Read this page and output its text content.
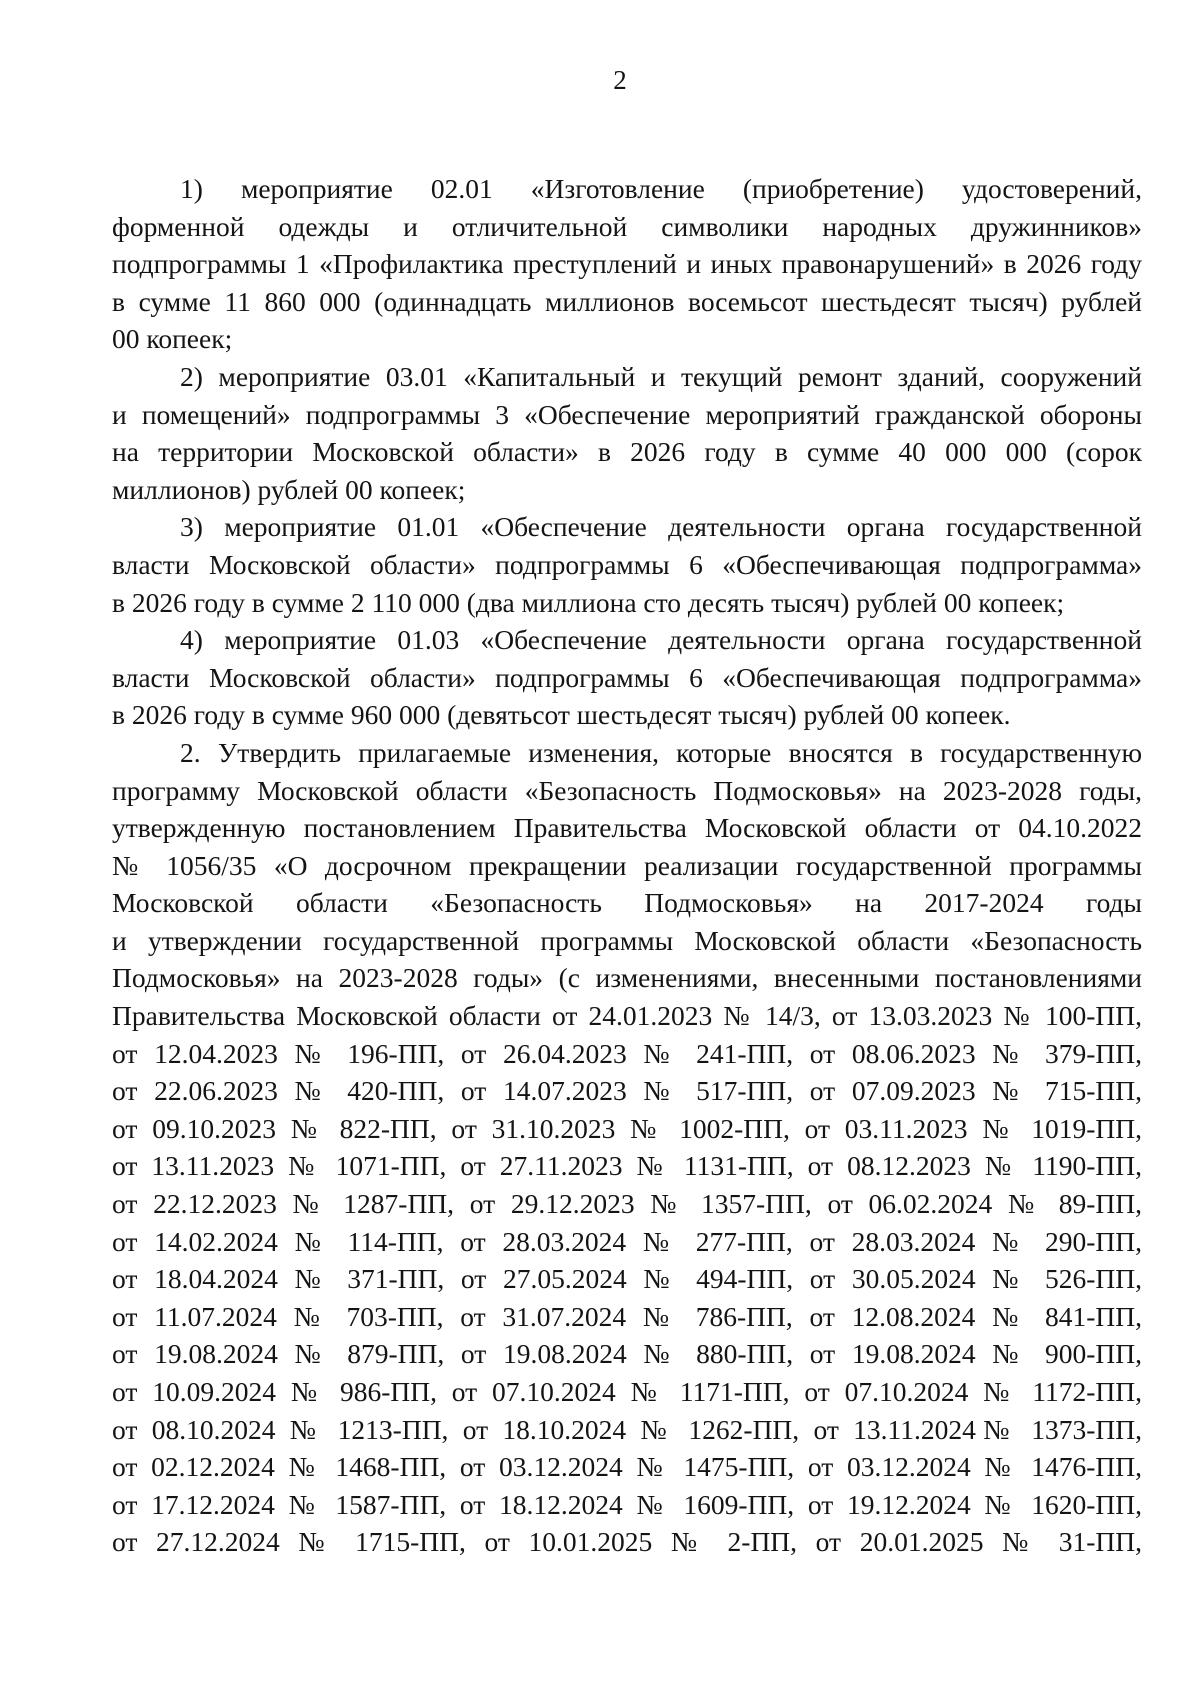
2
1) мероприятие 02.01 «Изготовление (приобретение) удостоверений,
форменной одежды и отличительной символики народных дружинников»
подпрограммы 1 «Профилактика преступлений и иных правонарушений» в 2026 году
в сумме 11 860 000 (одиннадцать миллионов восемьсот шестьдесят тысяч) рублей
00 копеек;
2) мероприятие 03.01 «Капитальный и текущий ремонт зданий, сооружений
и помещений» подпрограммы 3 «Обеспечение мероприятий гражданской обороны
на территории Московской области» в 2026 году в сумме 40 000 000 (сорок
миллионов) рублей 00 копеек;
3) мероприятие 01.01 «Обеспечение деятельности органа государственной
власти Московской области» подпрограммы 6 «Обеспечивающая подпрограмма»
в 2026 году в сумме 2 110 000 (два миллиона сто десять тысяч) рублей 00 копеек;
4) мероприятие 01.03 «Обеспечение деятельности органа государственной
власти Московской области» подпрограммы 6 «Обеспечивающая подпрограмма»
в 2026 году в сумме 960 000 (девятьсот шестьдесят тысяч) рублей 00 копеек.
2. Утвердить прилагаемые изменения, которые вносятся в государственную
программу Московской области «Безопасность Подмосковья» на 2023-2028 годы,
утвержденную постановлением Правительства Московской области от 04.10.2022
№ 1056/35 «О досрочном прекращении реализации государственной программы
Московской области «Безопасность Подмосковья» на 2017-2024 годы
и утверждении государственной программы Московской области «Безопасность
Подмосковья» на 2023-2028 годы» (с изменениями, внесенными постановлениями
Правительства Московской области от 24.01.2023 № 14/3, от 13.03.2023 № 100-ПП,
от 12.04.2023 № 196-ПП, от 26.04.2023 № 241-ПП, от 08.06.2023 № 379-ПП,
от 22.06.2023 № 420-ПП, от 14.07.2023 № 517-ПП, от 07.09.2023 № 715-ПП,
от 09.10.2023 № 822-ПП, от 31.10.2023 № 1002-ПП, от 03.11.2023 № 1019-ПП,
от 13.11.2023 № 1071-ПП, от 27.11.2023 № 1131-ПП, от 08.12.2023 № 1190-ПП,
от 22.12.2023 № 1287-ПП, от 29.12.2023 № 1357-ПП, от 06.02.2024 № 89-ПП,
от 14.02.2024 № 114-ПП, от 28.03.2024 № 277-ПП, от 28.03.2024 № 290-ПП,
от 18.04.2024 № 371-ПП, от 27.05.2024 № 494-ПП, от 30.05.2024 № 526-ПП,
от 11.07.2024 № 703-ПП, от 31.07.2024 № 786-ПП, от 12.08.2024 № 841-ПП,
от 19.08.2024 № 879-ПП, от 19.08.2024 № 880-ПП, от 19.08.2024 № 900-ПП,
от 10.09.2024 № 986-ПП, от 07.10.2024 № 1171-ПП, от 07.10.2024 № 1172-ПП,
от 08.10.2024 № 1213-ПП, от 18.10.2024 № 1262-ПП, от 13.11.2024№ 1373-ПП,
от 02.12.2024 № 1468-ПП, от 03.12.2024 № 1475-ПП, от 03.12.2024 № 1476-ПП,
от 17.12.2024 № 1587-ПП, от 18.12.2024 № 1609-ПП, от 19.12.2024 № 1620-ПП,
от 27.12.2024 № 1715-ПП, от 10.01.2025 № 2-ПП, от 20.01.2025 № 31-ПП,
